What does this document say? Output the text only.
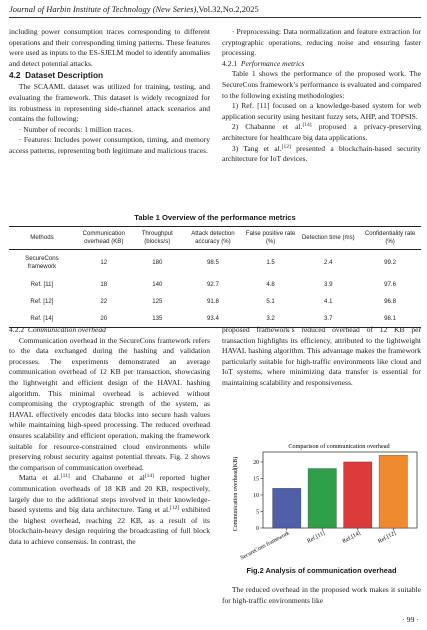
Journal of Harbin Institute of Technology (New Series),Vol.32,No.2,2025

including power consumption traces corresponding to different operations and their corresponding timing patterns. These features were used as inputs to the ES-SJELM model to identify anomalies and detect potential attacks.

4.2 Dataset Description

The SCAAML dataset was utilized for training, testing, and evaluating the framework. This dataset is widely recognized for its robustness in representing side-channel attack scenarios and contains the following:

· Number of records: 1 million traces.

· Features: Includes power consumption, timing, and memory access patterns, representing both legitimate and malicious traces.

· Preprocessing: Data normalization and feature extraction for cryptographic operations, reducing noise and ensuring faster processing.

4.2.1 Performance metrics

Table 1 shows the performance of the proposed work. The SecureCons framework’s performance is evaluated and compared to the following existing methodologies:

1) Ref. [11] focused on a knowledge-based system for web application security using hesitant fuzzy sets, AHP, and TOPSIS.

2) Chabanne et al.[14] proposed a privacy-preserving architecture for healthcare big data applications.

3) Tang et al.[12] presented a blockchain-based security architecture for IoT devices.

Table 1 Overview of the performance metrics
Methods	Communication overhead (KB)	Throughput (blocks/s)	Attack detection accuracy (%)	False positive rate (%)	Detection time (ms)	Confidentiality rate (%)
SecureCons framework	12	180	98.5	1.5	2.4	99.2
Ref. [11]	18	140	92.7	4.8	3.9	97.6
Ref. [12]	22	125	91.8	5.1	4.1	96.8
Ref. [14]	20	135	93.4	3.2	3.7	98.1

4.2.2 Communication overhead

Communication overhead in the SecureCons framework refers to the data exchanged during the hashing and validation processes. The experiments demonstrated an average communication overhead of 12 KB per transaction, showcasing the lightweight and efficient design of the HAVAL hashing algorithm. This minimal overhead is achieved without compromising the cryptographic strength of the system, as HAVAL effectively encodes data blocks into secure hash values while maintaining high-speed processing. The reduced overhead ensures scalability and efficient operation, making the framework suitable for resource-constrained cloud environments while preserving robust security against potential threats. Fig. 2 shows the comparison of communication overhead.

Matta et al.[11] and Chabanne et al[14] reported higher communication overheads of 18 KB and 20 KB, respectively, largely due to the additional steps involved in their knowledge-based systems and big data architecture. Tang et al.[12] exhibited the highest overhead, reaching 22 KB, as a result of its blockchain-heavy design requiring the broadcasting of full block data to achieve consensus. In contrast, the

proposed framework’s reduced overhead of 12 KB per transaction highlights its efficiency, attributed to the lightweight HAVAL hashing algorithm. This advantage makes the framework particularly suitable for high-traffic environments like cloud and IoT systems, where minimizing data transfer is essential for maintaining scalability and responsiveness.

Comparison of communication overhead
Communication overhead(KB)	0
5
10
15
20
SecureCons framework	Ref.[11]	Ref.[14]	Ref.[12]
Fig.2 Analysis of communication overhead

The reduced overhead in the proposed work makes it suitable for high-traffic environments like

· 99 ·
